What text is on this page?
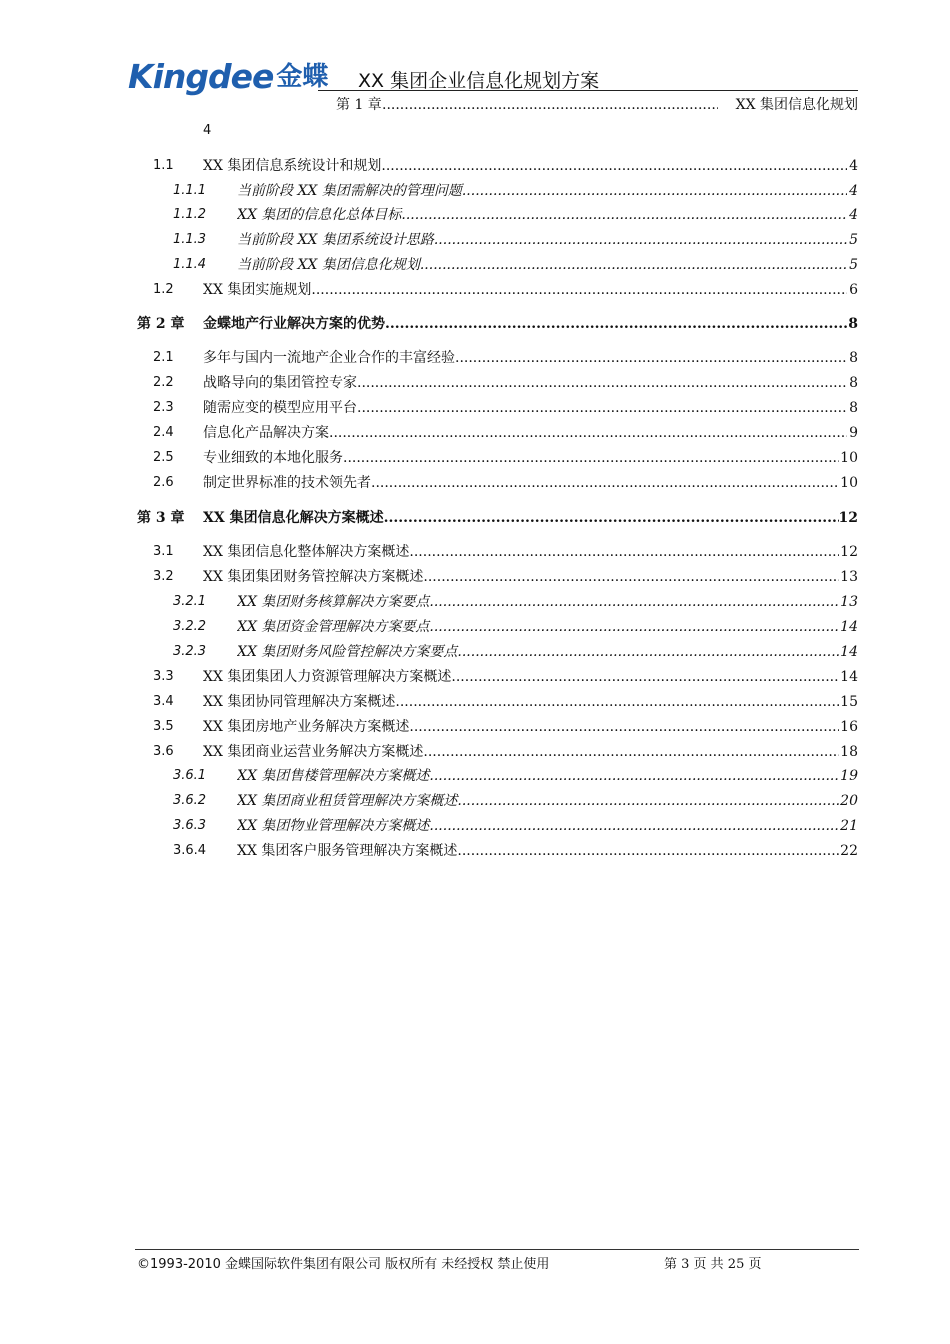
Kingdee 金蝶 XX 集团企业信息化规划方案
第 1 章 .....	XX 集团信息化规划
4
1.1 XX 集团信息系统设计和规划 .....	4
1.1.1 当前阶段 XX 集团需解决的管理问题 .....	4
1.1.2 XX 集团的信息化总体目标 .....	4
1.1.3 当前阶段 XX 集团系统设计思路 .....	5
1.1.4 当前阶段 XX 集团信息化规划 .....	5
1.2 XX 集团实施规划 .....	6
第 2 章 金蝶地产行业解决方案的优势 .....	8
2.1 多年与国内一流地产企业合作的丰富经验 .....	8
2.2 战略导向的集团管控专家 .....	8
2.3 随需应变的模型应用平台 .....	8
2.4 信息化产品解决方案 .....	9
2.5 专业细致的本地化服务 .....	10
2.6 制定世界标准的技术领先者 .....	10
第 3 章 XX 集团信息化解决方案概述 .....	12
3.1 XX 集团信息化整体解决方案概述 .....	12
3.2 XX 集团集团财务管控解决方案概述 .....	13
3.2.1 XX 集团财务核算解决方案要点 .....	13
3.2.2 XX 集团资金管理解决方案要点 .....	14
3.2.3 XX 集团财务风险管控解决方案要点 .....	14
3.3 XX 集团集团人力资源管理解决方案概述 .....	14
3.4 XX 集团协同管理解决方案概述 .....	15
3.5 XX 集团房地产业务解决方案概述 .....	16
3.6 XX 集团商业运营业务解决方案概述 .....	18
3.6.1 XX 集团售楼管理解决方案概述 .....	19
3.6.2 XX 集团商业租赁管理解决方案概述 .....	20
3.6.3 XX 集团物业管理解决方案概述 .....	21
3.6.4 XX 集团客户服务管理解决方案概述 .....	22
©1993-2010 金蝶国际软件集团有限公司 版权所有 未经授权 禁止使用	第 3 页 共 25 页
